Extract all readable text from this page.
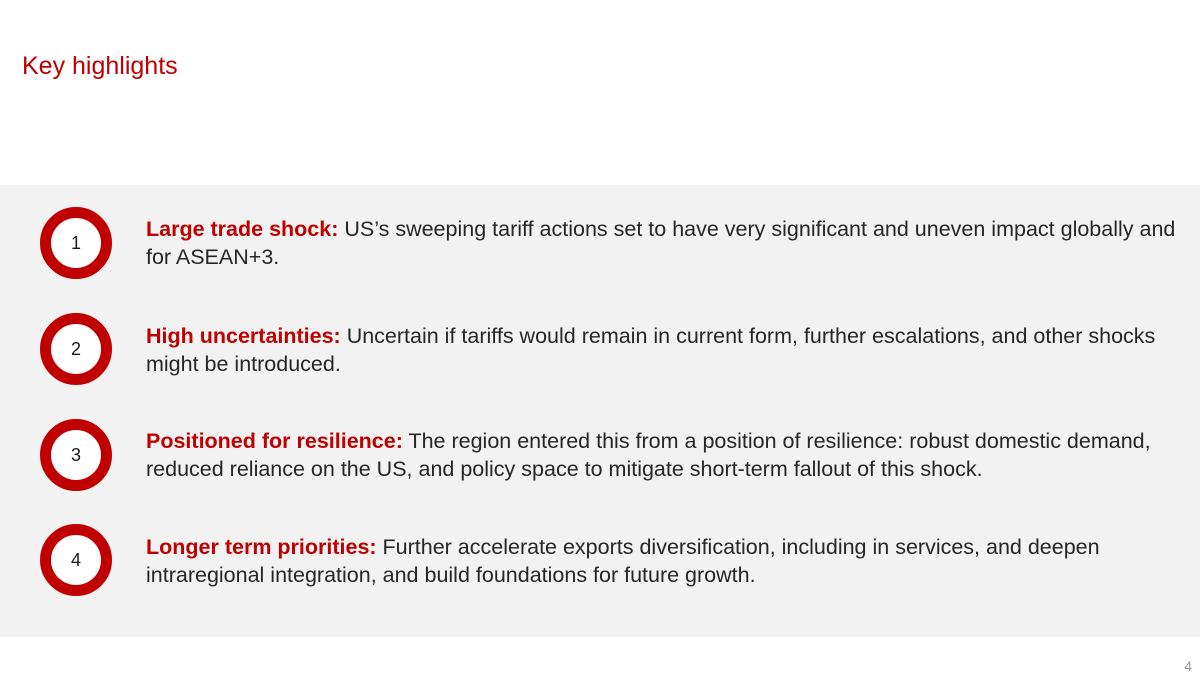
Key highlights
1
Large trade shock: US’s sweeping tariff actions set to have very significant and uneven impact globally and for ASEAN+3.
2
High uncertainties: Uncertain if tariffs would remain in current form, further escalations, and other shocks might be introduced.
3
Positioned for resilience: The region entered this from a position of resilience: robust domestic demand, reduced reliance on the US, and policy space to mitigate short-term fallout of this shock.
4
Longer term priorities: Further accelerate exports diversification, including in services, and deepen intraregional integration, and build foundations for future growth.
4
